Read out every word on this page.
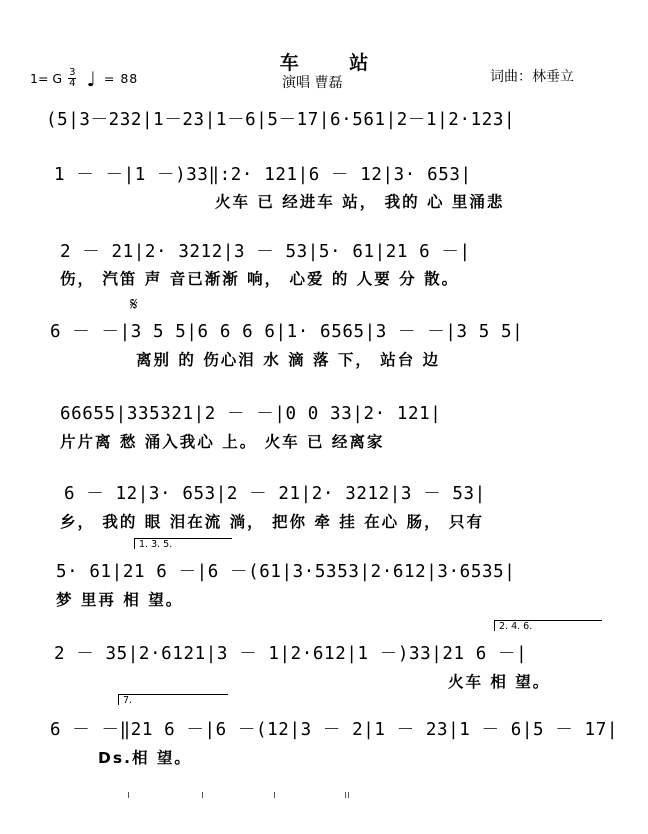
车 站
演唱 曹磊	词曲：林垂立
1= G $\frac{3}{4}$ ♩ = 88
(5|3－232|1－23|1－6|5－17|6·561|2－1|2·123|
1 － －|1 －)33‖:2· 121|6 － 12|3· 653|
火车 已 经进车 站， 我的 心 里涌悲
2 － 21|2· 3212|3 － 53|5· 61|21 6 －|
伤， 汽笛 声 音已渐渐 响， 心爱 的 人要 分 散。
𝄋
6 － －|3 5 5|6 6 6 6|1· 6565|3 － －|3 5 5|
离别 的 伤心泪 水 滴 落 下， 站台 边
66655|335321|2 － －|0 0 33|2· 121|
片片离 愁 涌入我心 上。 火车 已 经离家
6 － 12|3· 653|2 － 21|2· 3212|3 － 53|
乡， 我的 眼 泪在流 淌， 把你 牵 挂 在心 肠， 只有
1. 3. 5.
5· 61|21 6 －|6 －(61|3·5353|2·612|3·6535|
梦 里再 相 望。
2. 4. 6.
2 － 35|2·6121|3 － 1|2·612|1 －)33|21 6 －|
火车 相 望。
7.
6 － －‖21 6 －|6 －(12|3 － 2|1 － 23|1 － 6|5 － 17|
Ds.相 望。
